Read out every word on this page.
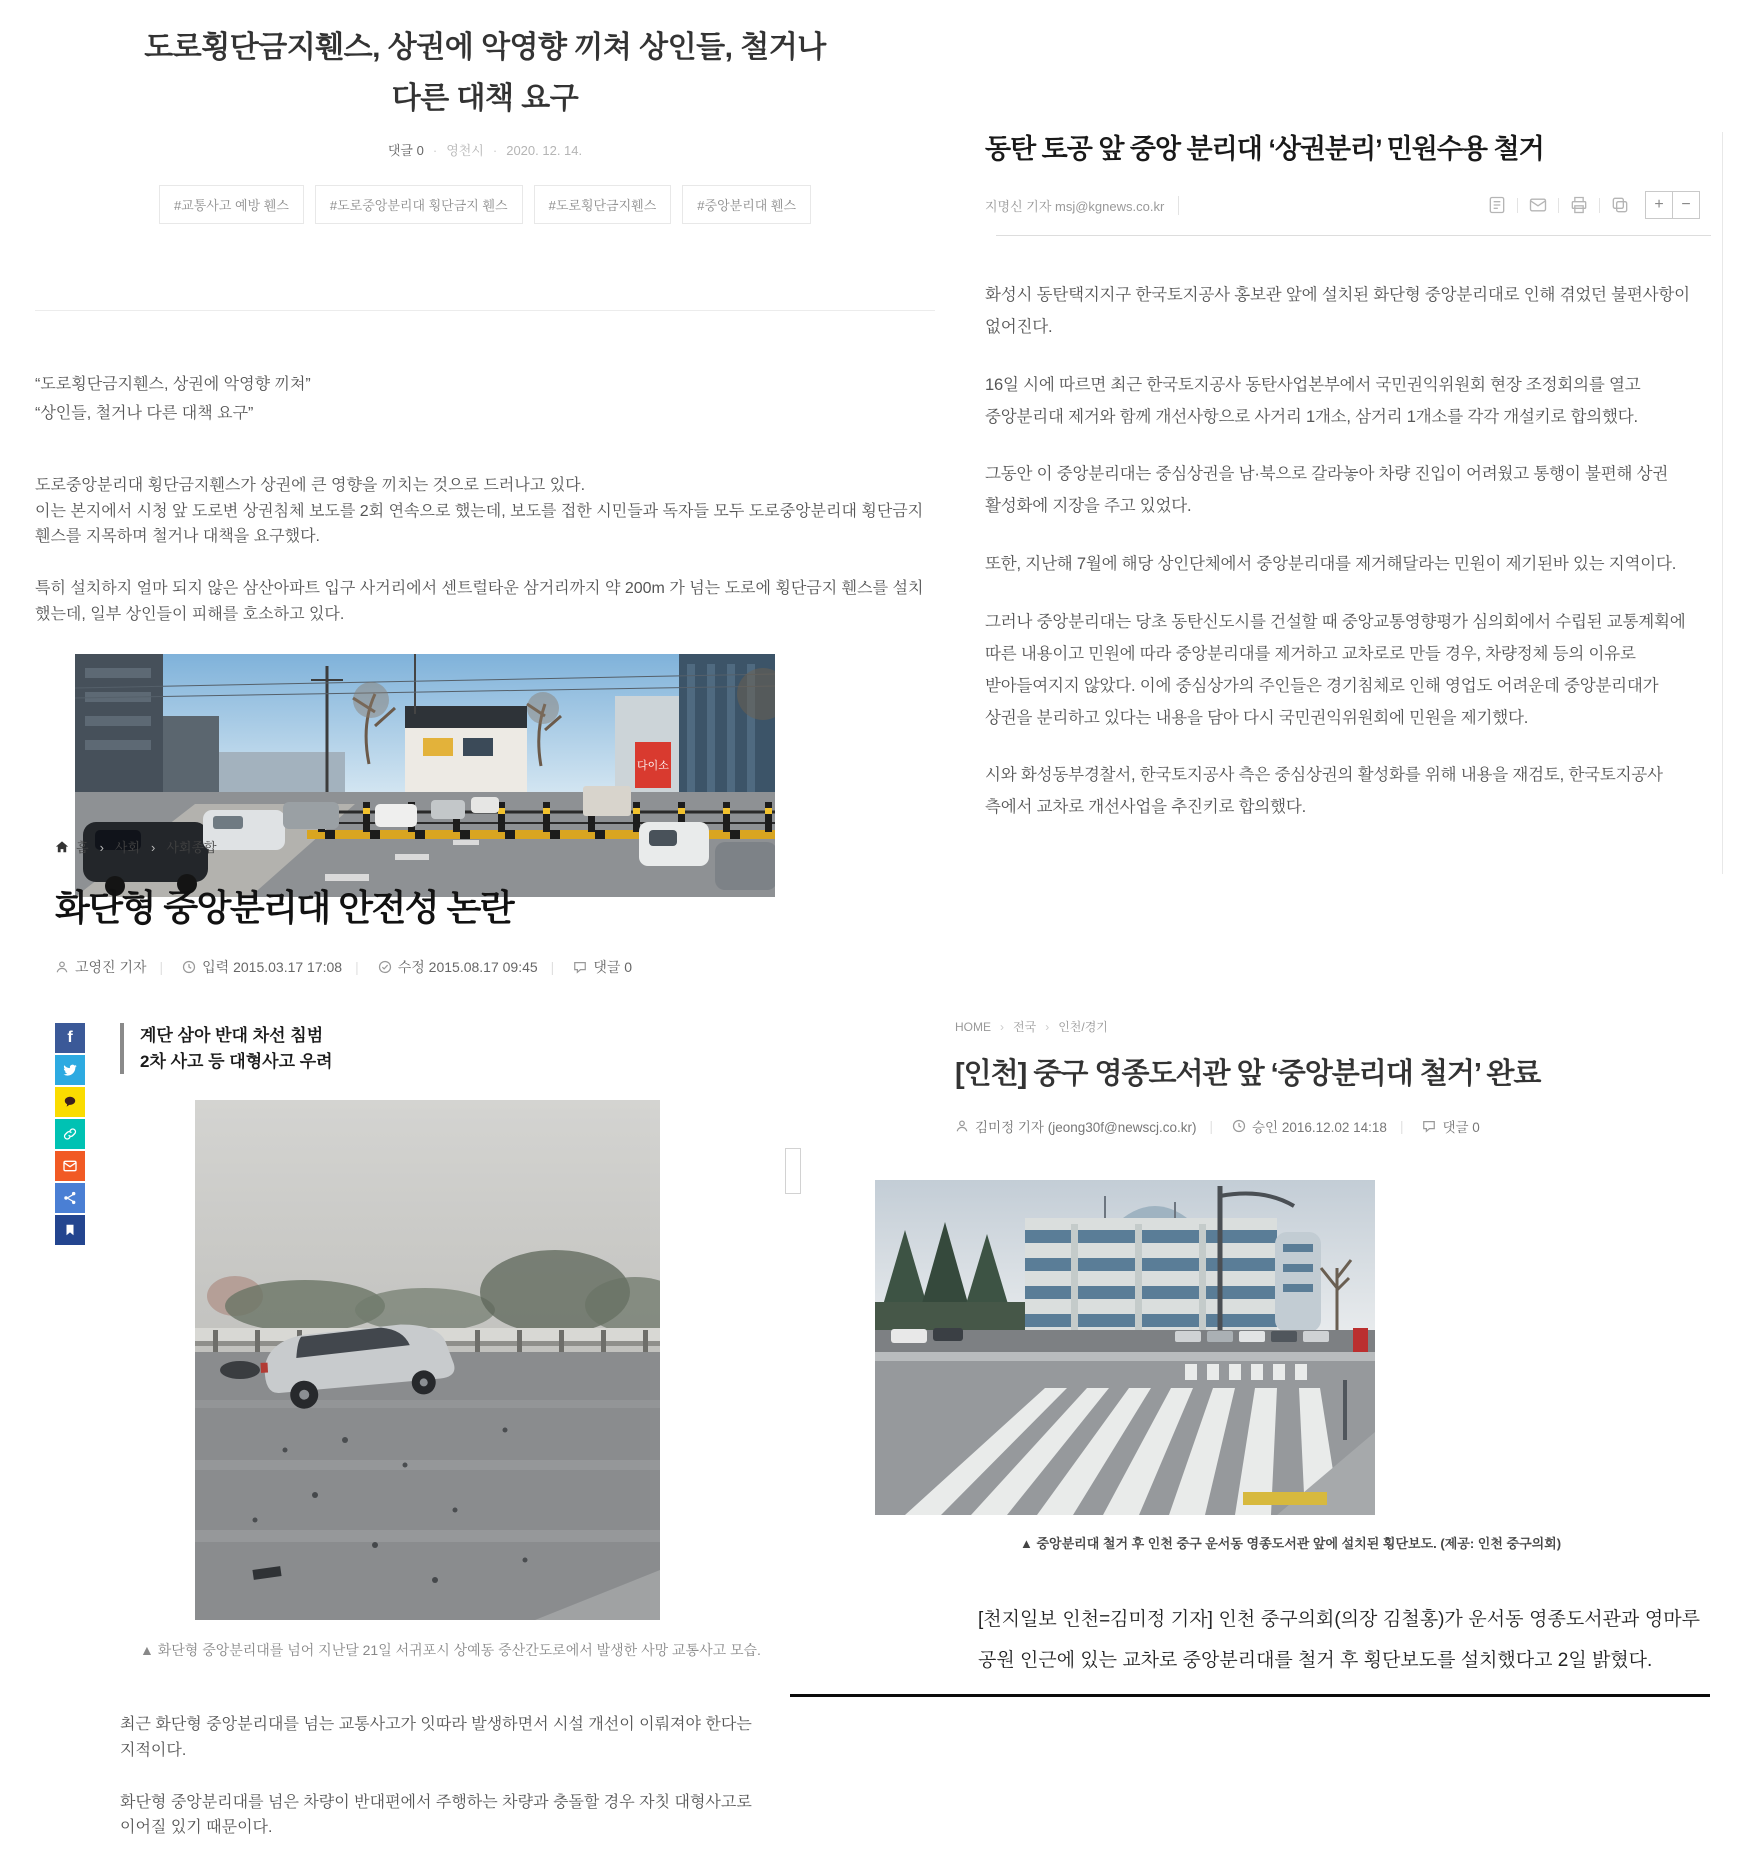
도로횡단금지휀스, 상권에 악영향 끼쳐 상인들, 철거나
다른 대책 요구
댓글 0 · 영천시 · 2020. 12. 14.
#교통사고 예방 휀스	#도로중앙분리대 횡단금지 휀스	#도로횡단금지휀스	#중앙분리대 휀스
“도로횡단금지휀스, 상권에 악영향 끼쳐”
“상인들, 철거나 다른 대책 요구”

도로중앙분리대 횡단금지휀스가 상권에 큰 영향을 끼치는 것으로 드러나고 있다.
이는 본지에서 시청 앞 도로변 상권침체 보도를 2회 연속으로 했는데, 보도를 접한 시민들과 독자들 모두 도로중앙분리대 횡단금지휀스를 지목하며 철거나 대책을 요구했다.

특히 설치하지 얼마 되지 않은 삼산아파트 입구 사거리에서 센트럴타운 삼거리까지 약 200m 가 넘는 도로에 횡단금지 휀스를 설치했는데, 일부 상인들이 피해를 호소하고 있다.

다이소
동탄 토공 앞 중앙 분리대 ‘상권분리’ 민원수용 철거
지명신 기자 msj@kgnews.co.kr	+	−

화성시 동탄택지지구 한국토지공사 홍보관 앞에 설치된 화단형 중앙분리대로 인해 겪었던 불편사항이 없어진다.

16일 시에 따르면 최근 한국토지공사 동탄사업본부에서 국민권익위원회 현장 조정회의를 열고 중앙분리대 제거와 함께 개선사항으로 사거리 1개소, 삼거리 1개소를 각각 개설키로 합의했다.

그동안 이 중앙분리대는 중심상권을 남·북으로 갈라놓아 차량 진입이 어려웠고 통행이 불편해 상권 활성화에 지장을 주고 있었다.

또한, 지난해 7월에 해당 상인단체에서 중앙분리대를 제거해달라는 민원이 제기된바 있는 지역이다.

그러나 중앙분리대는 당초 동탄신도시를 건설할 때 중앙교통영향평가 심의회에서 수립된 교통계획에 따른 내용이고 민원에 따라 중앙분리대를 제거하고 교차로로 만들 경우, 차량정체 등의 이유로 받아들여지지 않았다. 이에 중심상가의 주인들은 경기침체로 인해 영업도 어려운데 중앙분리대가 상권을 분리하고 있다는 내용을 담아 다시 국민권익위원회에 민원을 제기했다.

시와 화성동부경찰서, 한국토지공사 측은 중심상권의 활성화를 위해 내용을 재검토, 한국토지공사 측에서 교차로 개선사업을 추진키로 합의했다.

홈	› 사회	› 사회종합
화단형 중앙분리대 안전성 논란
고영진 기자	| 입력 2015.03.17 17:08	| 수정 2015.08.17 09:45	| 댓글 0
f	계단 삼아 반대 차선 침범
2차 사고 등 대형사고 우려
▲ 화단형 중앙분리대를 넘어 지난달 21일 서귀포시 상예동 중산간도로에서 발생한 사망 교통사고 모습.

최근 화단형 중앙분리대를 넘는 교통사고가 잇따라 발생하면서 시설 개선이 이뤄져야 한다는 지적이다.

화단형 중앙분리대를 넘은 차량이 반대편에서 주행하는 차량과 충돌할 경우 자칫 대형사고로 이어질 있기 때문이다.

HOME	› 전국	› 인천/경기
[인천] 중구 영종도서관 앞 ‘중앙분리대 철거’ 완료
김미정 기자 (jeong30f@newscj.co.kr)	| 승인 2016.12.02 14:18	| 댓글 0
▲ 중앙분리대 철거 후 인천 중구 운서동 영종도서관 앞에 설치된 횡단보도. (제공: 인천 중구의회)
[천지일보 인천=김미정 기자] 인천 중구의회(의장 김철홍)가 운서동 영종도서관과 영마루 공원 인근에 있는 교차로 중앙분리대를 철거 후 횡단보도를 설치했다고 2일 밝혔다.
